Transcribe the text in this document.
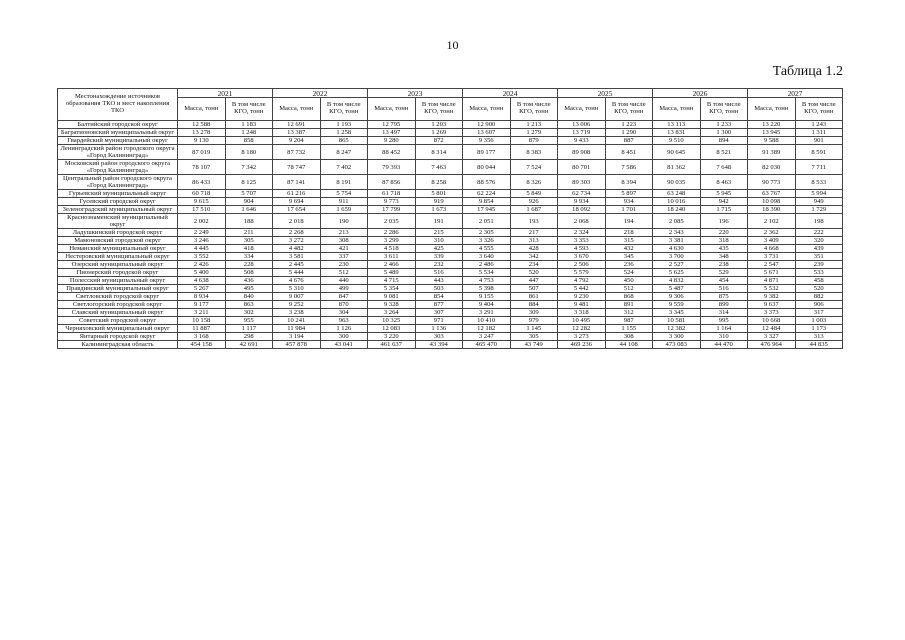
10
Таблица 1.2
Местонахождение источников образования ТКО и мест накопления ТКО	2021		2022		2023		2024		2025		2026		2027	
	Масса, тонн	В том числе КГО, тонн	Масса, тонн	В том числе КГО, тонн	Масса, тонн	В том числе КГО, тонн	Масса, тонн	В том числе КГО, тонн	Масса, тонн	В том числе КГО, тонн	Масса, тонн	В том числе КГО, тонн	Масса, тонн	В том числе КГО, тонн
Балтийский городской округ	12 588	1 183	12 691	1 193	12 795	1 203	12 900	1 213	13 006	1 223	13 113	1 233	13 220	1 243
Багратионовский муниципальный округ	13 278	1 248	13 387	1 258	13 497	1 269	13 607	1 279	13 719	1 290	13 831	1 300	13 945	1 311
Гвардейский муниципальный округ	9 130	858	9 204	865	9 280	872	9 356	879	9 433	887	9 510	894	9 588	901
Ленинградский район городского округа «Город Калининград»	87 019	8 180	87 732	8 247	88 452	8 314	89 177	8 383	89 908	8 451	90 645	8 521	91 389	8 591
Московский район городского округа «Город Калининград»	78 107	7 342	78 747	7 402	79 393	7 463	80 044	7 524	80 701	7 586	81 362	7 648	82 030	7 711
Центральный район городского округа «Город Калининград»	86 433	8 125	87 141	8 191	87 856	8 258	88 576	8 326	89 303	8 394	90 035	8 463	90 773	8 533
Гурьевский муниципальный округ	60 718	5 707	61 216	5 754	61 718	5 801	62 224	5 849	62 734	5 897	63 248	5 945	63 767	5 994
Гусевский городской округ	9 615	904	9 694	911	9 773	919	9 854	926	9 934	934	10 016	942	10 098	949
Зеленоградский муниципальный округ	17 510	1 646	17 654	1 659	17 799	1 673	17 945	1 687	18 092	1 701	18 240	1 715	18 390	1 729
Краснознаменский муниципальный округ	2 002	188	2 018	190	2 035	191	2 051	193	2 068	194	2 085	196	2 102	198
Ладушкинский городской округ	2 249	211	2 268	213	2 286	215	2 305	217	2 324	218	2 343	220	2 362	222
Мамоновский городской округ	3 246	305	3 272	308	3 299	310	3 326	313	3 353	315	3 381	318	3 409	320
Неманский муниципальный округ	4 445	418	4 482	421	4 518	425	4 555	428	4 593	432	4 630	435	4 668	439
Нестеровский муниципальный округ	3 552	334	3 581	337	3 611	339	3 640	342	3 670	345	3 700	348	3 731	351
Озерский муниципальный округ	2 426	228	2 445	230	2 466	232	2 486	234	2 506	236	2 527	238	2 547	239
Пионерский городской округ	5 400	508	5 444	512	5 489	516	5 534	520	5 579	524	5 625	529	5 671	533
Полесский муниципальный округ	4 638	436	4 676	440	4 715	443	4 753	447	4 792	450	4 832	454	4 871	458
Правдинский муниципальный округ	5 267	495	5 310	499	5 354	503	5 398	507	5 442	512	5 487	516	5 532	520
Светловский городской округ	8 934	840	9 007	847	9 081	854	9 155	861	9 230	868	9 306	875	9 382	882
Светлогорский городской округ	9 177	863	9 252	870	9 328	877	9 404	884	9 481	891	9 559	899	9 637	906
Славский муниципальный округ	3 211	302	3 238	304	3 264	307	3 291	309	3 318	312	3 345	314	3 373	317
Советский городской округ	10 158	955	10 241	963	10 325	971	10 410	979	10 495	987	10 581	995	10 668	1 003
Черняховский муниципальный округ	11 887	1 117	11 984	1 126	12 083	1 136	12 182	1 145	12 282	1 155	12 382	1 164	12 484	1 173
Янтарный городской округ	3 168	298	3 194	300	3 220	303	3 247	305	3 273	308	3 300	310	3 327	313
Калининградская область	454 158	42 691	457 878	43 041	461 637	43 394	465 470	43 749	469 236	44 108	473 083	44 470	476 964	44 835
